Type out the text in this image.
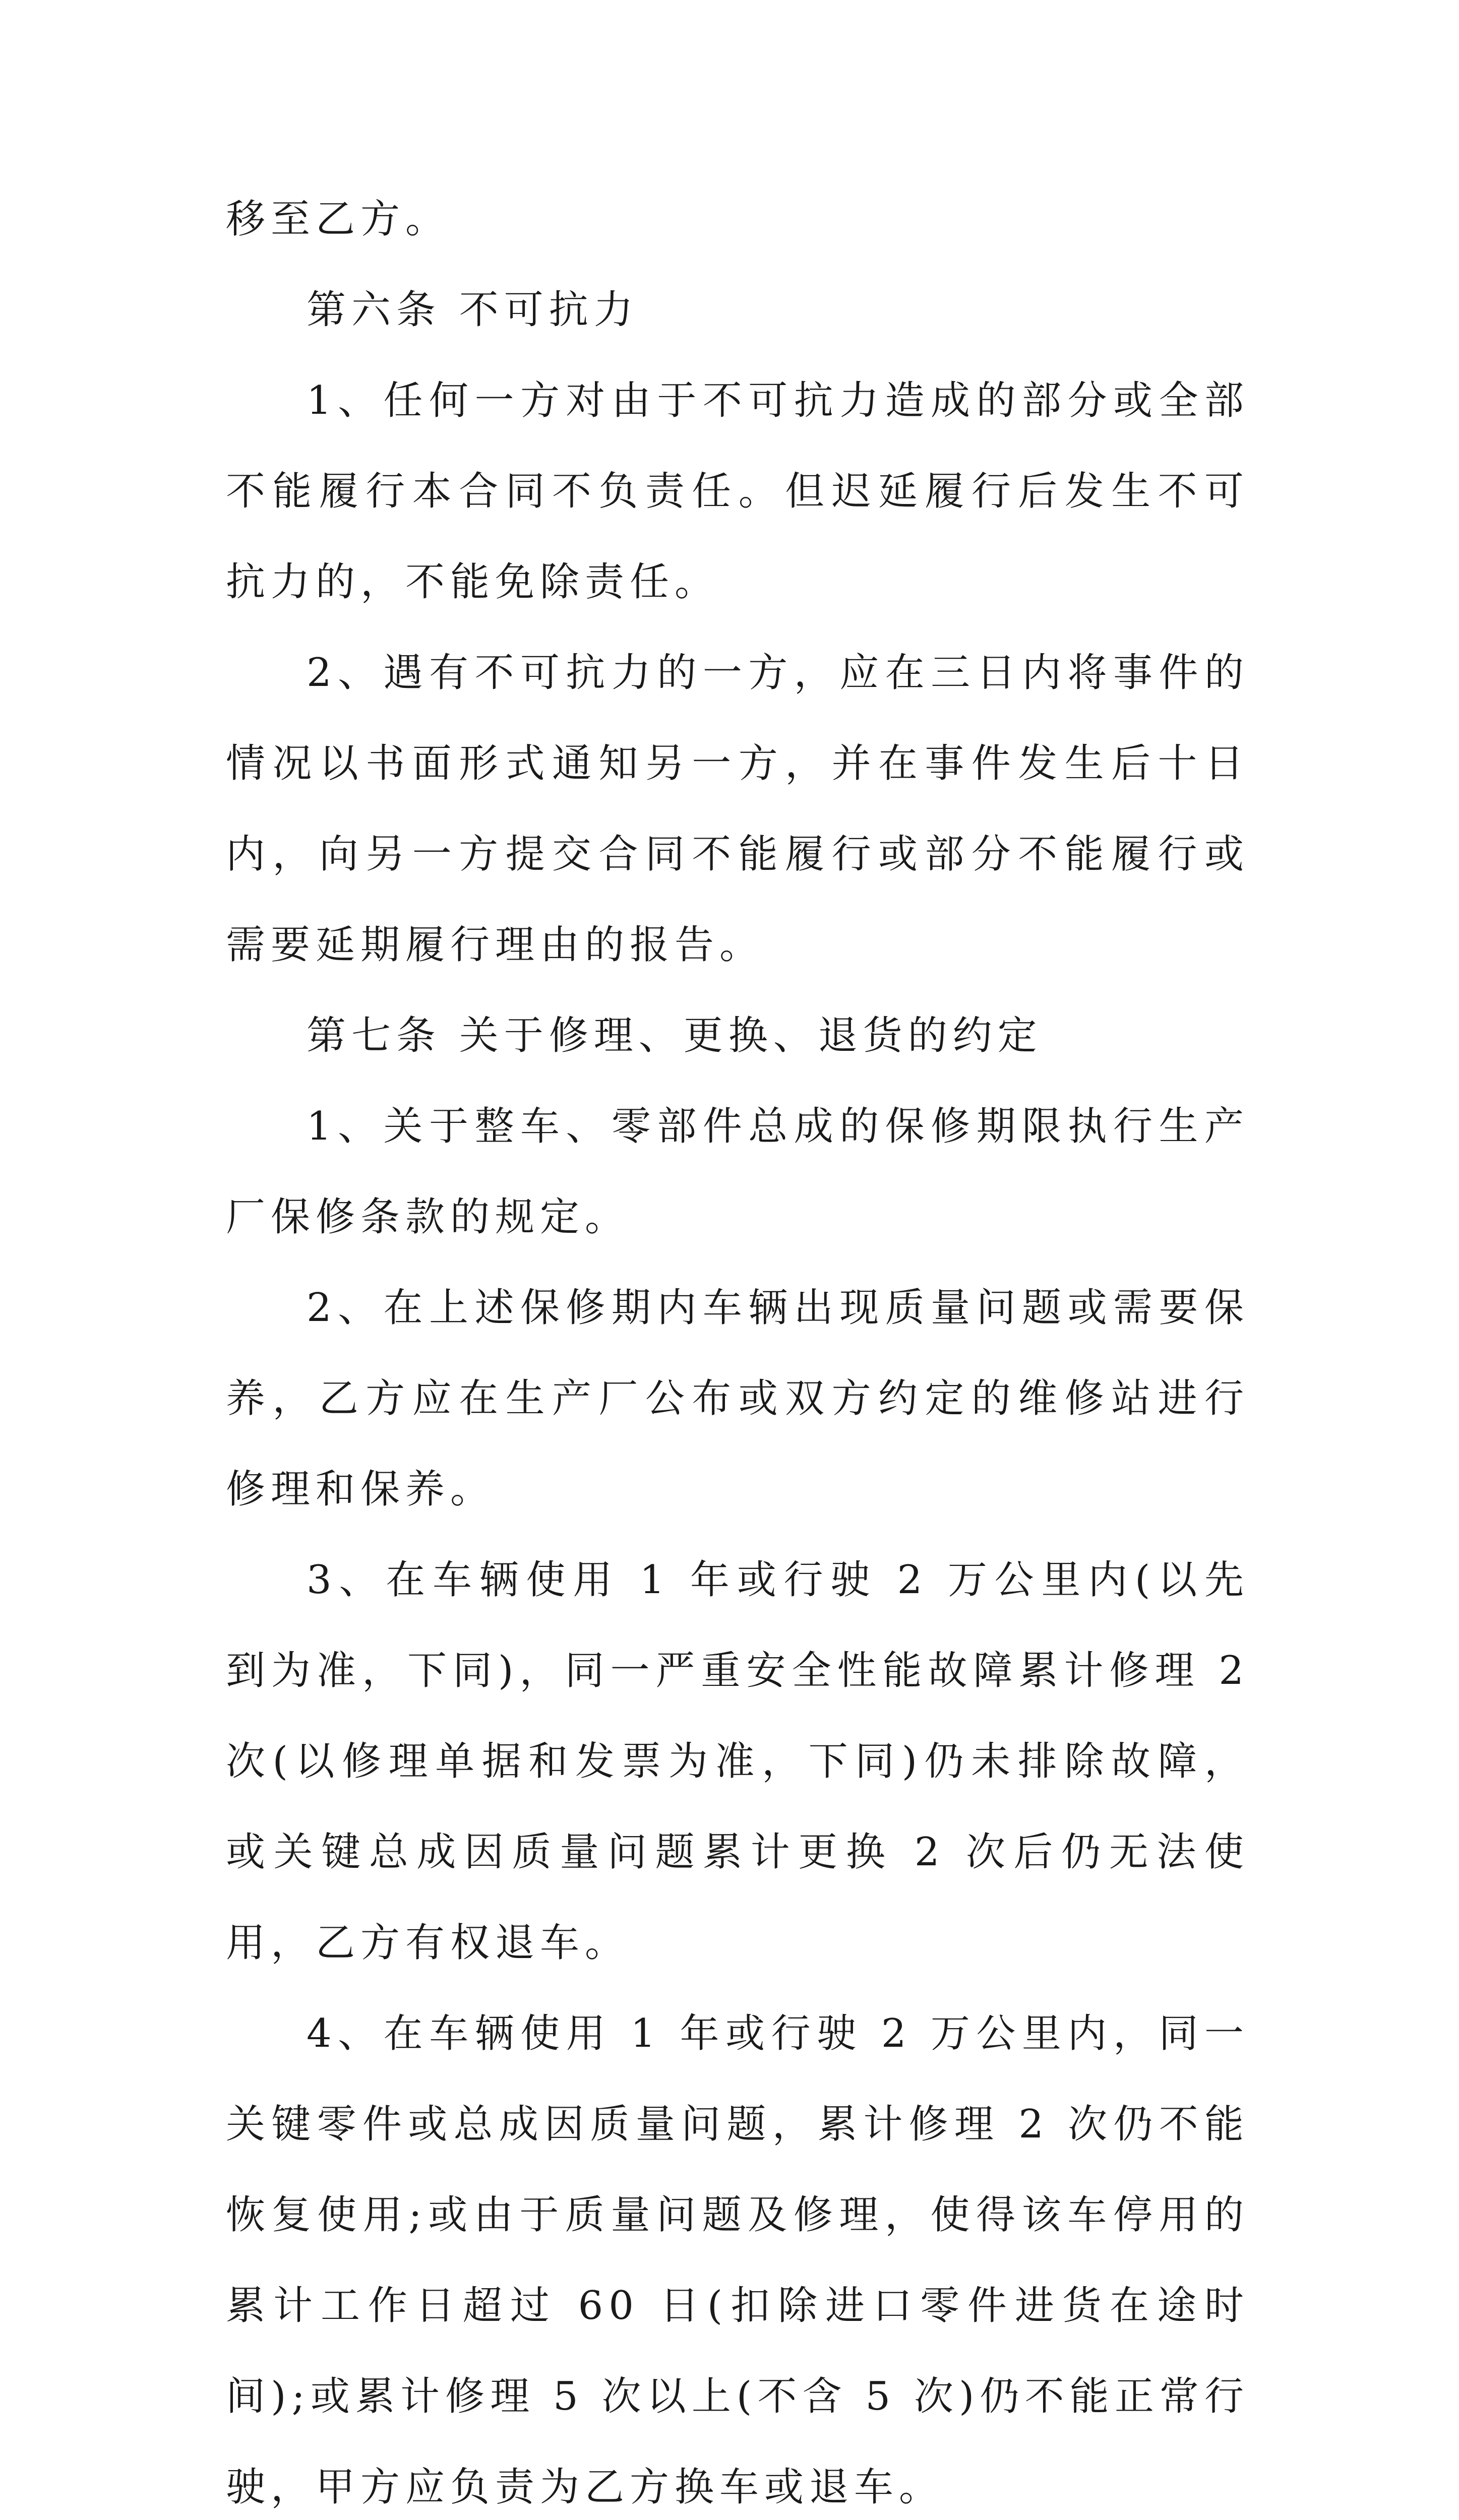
移至乙方。

第六条 不可抗力

1、任何一方对由于不可抗力造成的部分或全部不能履行本合同不负责任。但迟延履行后发生不可抗力的，不能免除责任。

2、遇有不可抗力的一方，应在三日内将事件的情况以书面形式通知另一方，并在事件发生后十日内，向另一方提交合同不能履行或部分不能履行或需要延期履行理由的报告。

第七条 关于修理、更换、退货的约定

1、关于整车、零部件总成的保修期限执行生产厂保修条款的规定。

2、在上述保修期内车辆出现质量问题或需要保养，乙方应在生产厂公布或双方约定的维修站进行修理和保养。

3、在车辆使用 1 年或行驶 2 万公里内(以先到为准，下同)，同一严重安全性能故障累计修理 2 次(以修理单据和发票为准，下同)仍未排除故障，或关键总成因质量问题累计更换 2 次后仍无法使用，乙方有权退车。

4、在车辆使用 1 年或行驶 2 万公里内，同一关键零件或总成因质量问题，累计修理 2 次仍不能恢复使用;或由于质量问题及修理，使得该车停用的累计工作日超过 60 日(扣除进口零件进货在途时间);或累计修理 5 次以上(不含 5 次)仍不能正常行驶，甲方应负责为乙方换车或退车。
